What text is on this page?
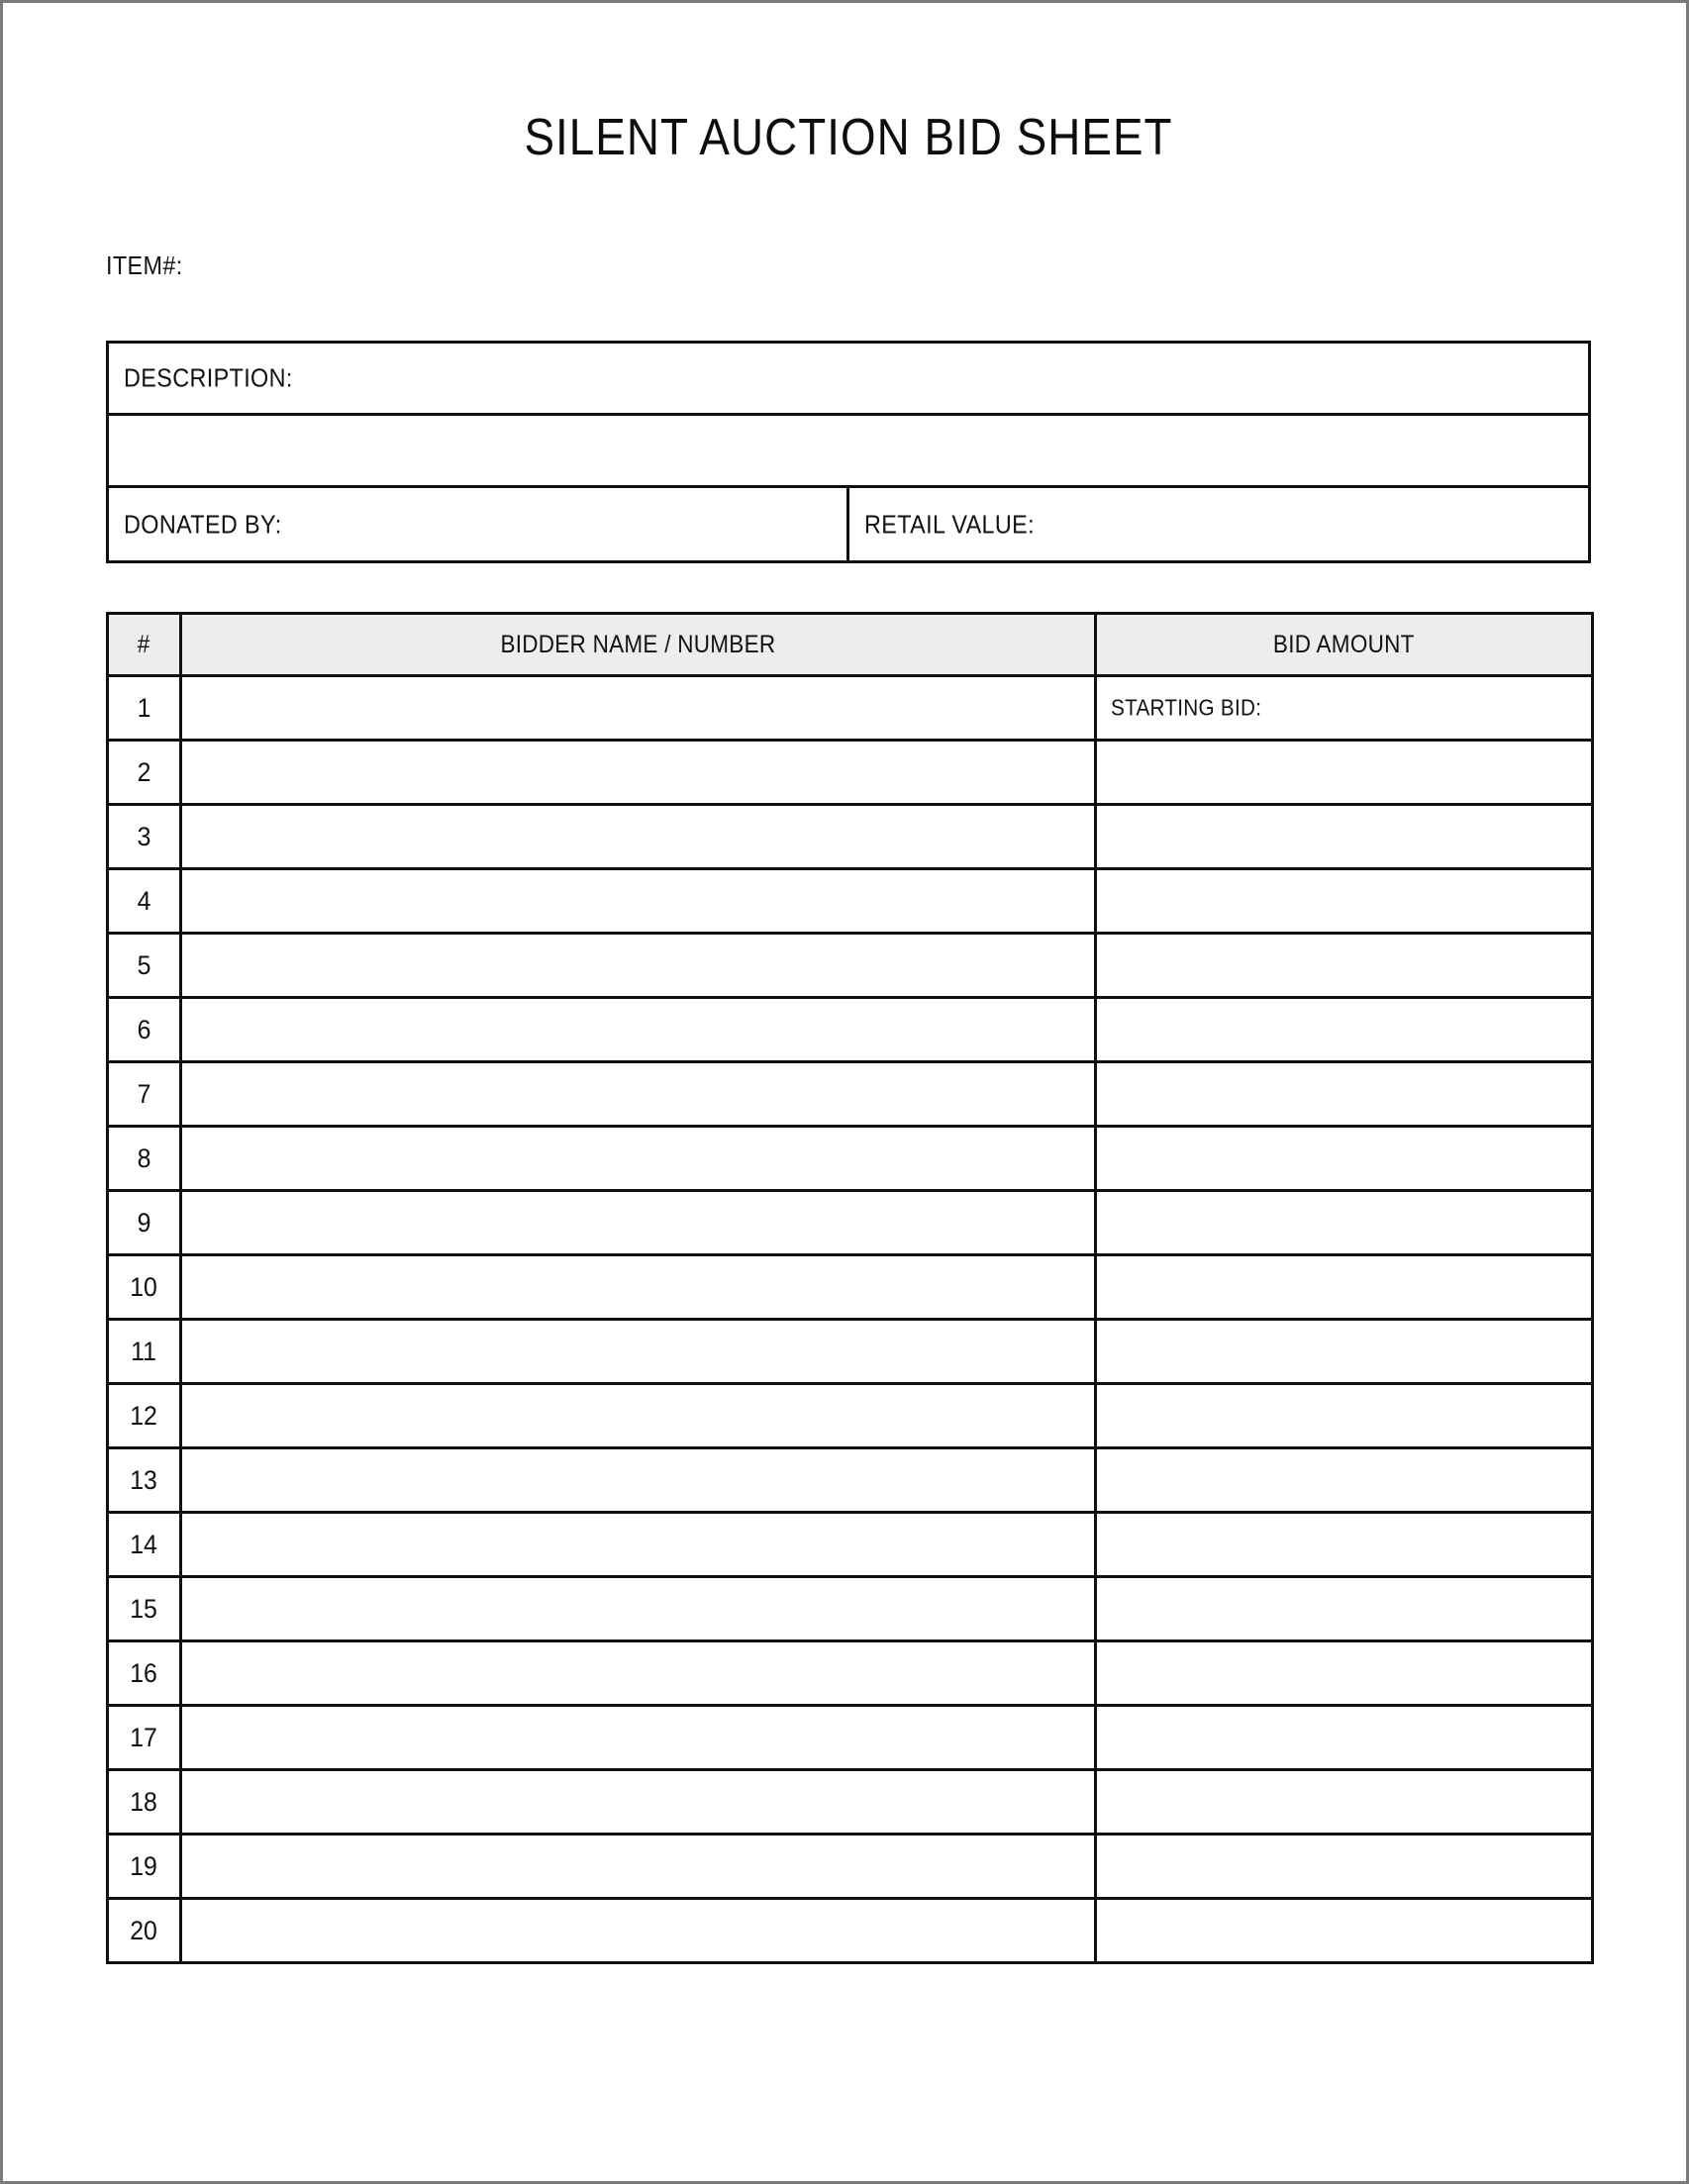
SILENT AUCTION BID SHEET
ITEM#:
DESCRIPTION:
DONATED BY:	RETAIL VALUE:
#	BIDDER NAME / NUMBER	BID AMOUNT
1		STARTING BID:

2	

3	

4	

5	

6	

7	

8	

9	

10	

11	

12	

13	

14	

15	

16	

17	

18	

19	

20	
